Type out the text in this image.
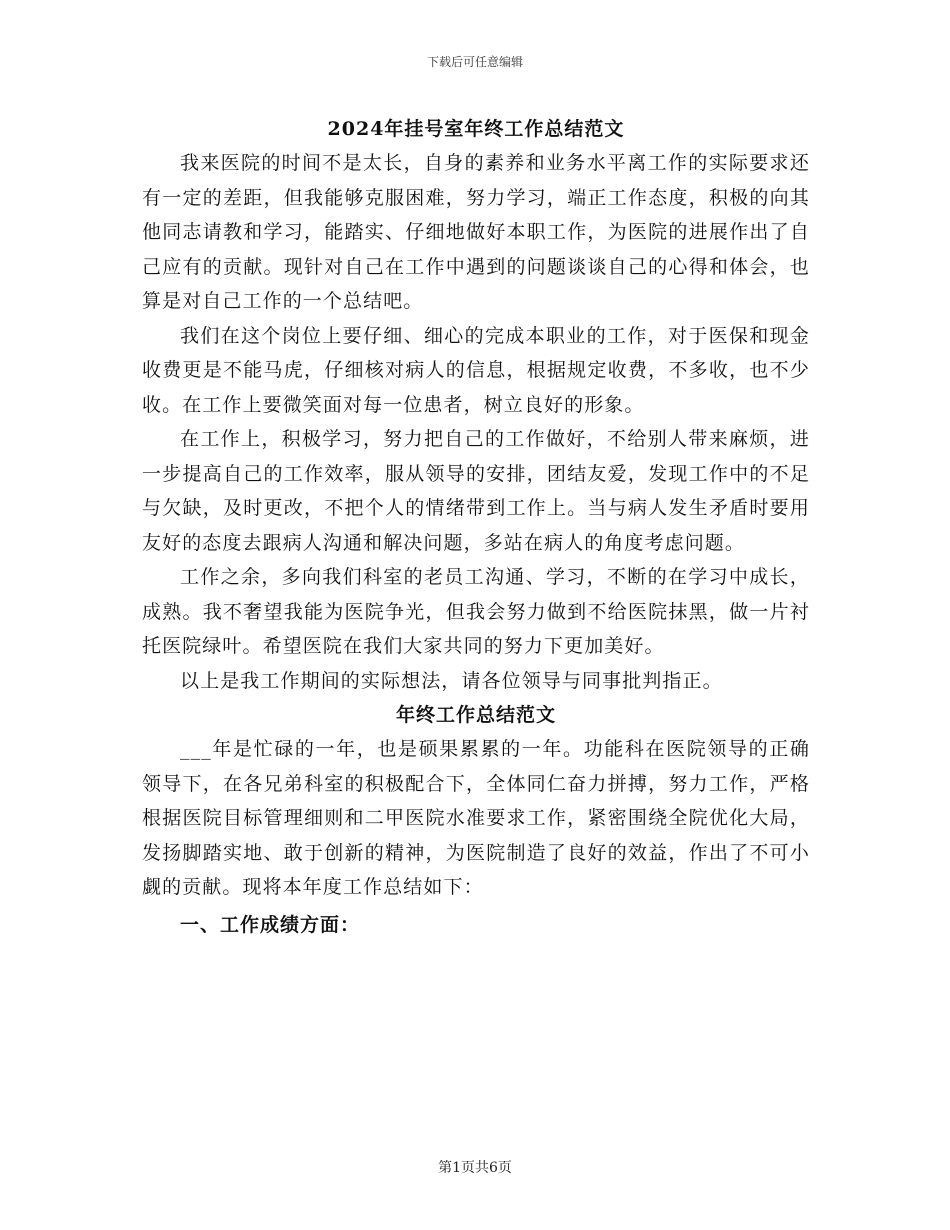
下载后可任意编辑

2024年挂号室年终工作总结范文

我来医院的时间不是太长，自身的素养和业务水平离工作的实际要求还有一定的差距，但我能够克服困难，努力学习，端正工作态度，积极的向其他同志请教和学习，能踏实、仔细地做好本职工作，为医院的进展作出了自己应有的贡献。现针对自己在工作中遇到的问题谈谈自己的心得和体会，也算是对自己工作的一个总结吧。

我们在这个岗位上要仔细、细心的完成本职业的工作，对于医保和现金收费更是不能马虎，仔细核对病人的信息，根据规定收费，不多收，也不少收。在工作上要微笑面对每一位患者，树立良好的形象。

在工作上，积极学习，努力把自己的工作做好，不给别人带来麻烦，进一步提高自己的工作效率，服从领导的安排，团结友爱，发现工作中的不足与欠缺，及时更改，不把个人的情绪带到工作上。当与病人发生矛盾时要用友好的态度去跟病人沟通和解决问题，多站在病人的角度考虑问题。

工作之余，多向我们科室的老员工沟通、学习，不断的在学习中成长，成熟。我不奢望我能为医院争光，但我会努力做到不给医院抹黑，做一片衬托医院绿叶。希望医院在我们大家共同的努力下更加美好。

以上是我工作期间的实际想法，请各位领导与同事批判指正。

年终工作总结范文

___年是忙碌的一年，也是硕果累累的一年。功能科在医院领导的正确领导下，在各兄弟科室的积极配合下，全体同仁奋力拼搏，努力工作，严格根据医院目标管理细则和二甲医院水准要求工作，紧密围绕全院优化大局，发扬脚踏实地、敢于创新的精神，为医院制造了良好的效益，作出了不可小觑的贡献。现将本年度工作总结如下：

一、工作成绩方面：

第1页共6页
